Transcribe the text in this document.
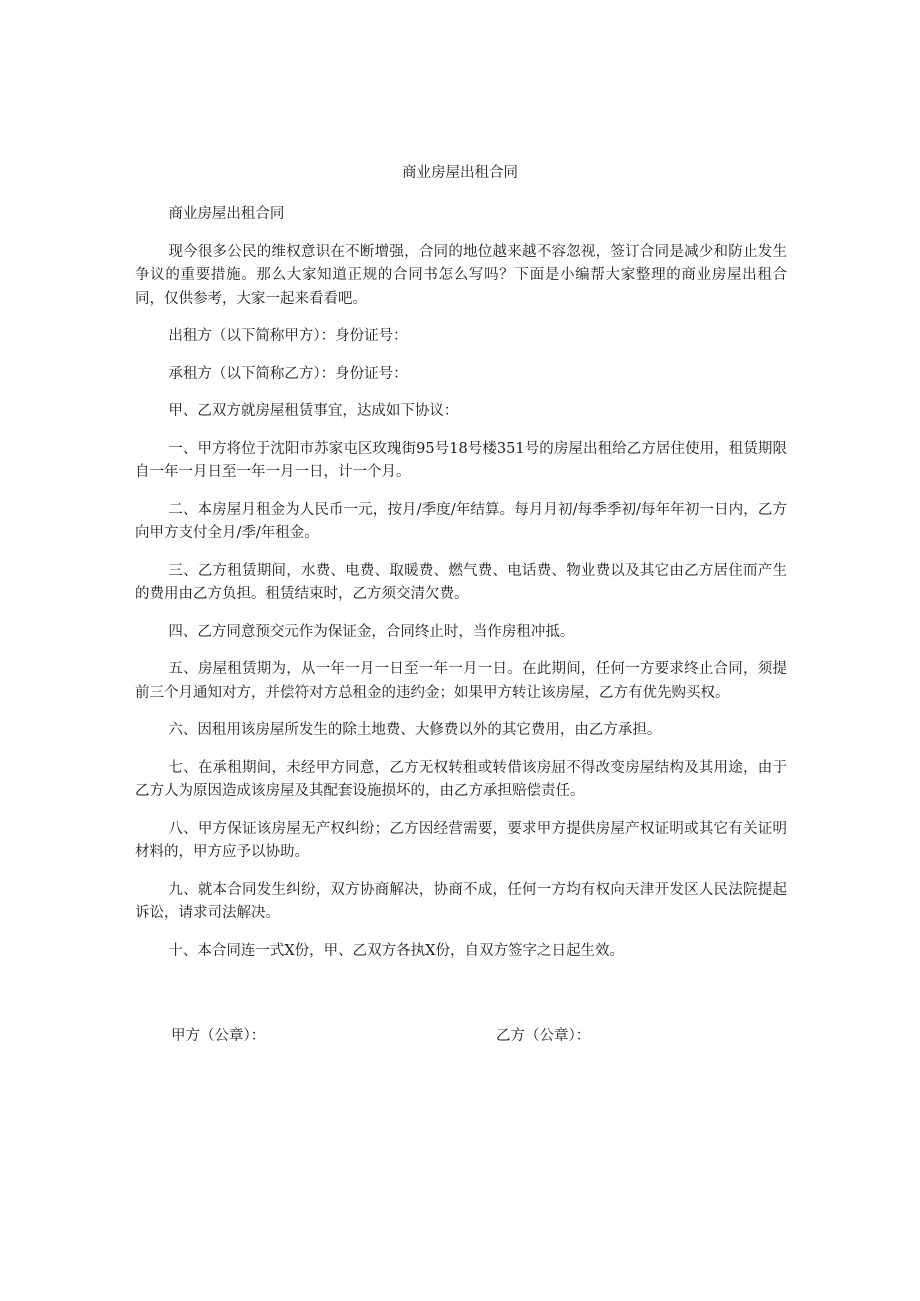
商业房屋出租合同

商业房屋出租合同

现今很多公民的维权意识在不断增强，合同的地位越来越不容忽视，签订合同是减少和防止发生争议的重要措施。那么大家知道正规的合同书怎么写吗？下面是小编帮大家整理的商业房屋出租合同，仅供参考，大家一起来看看吧。

出租方（以下简称甲方）：身份证号：

承租方（以下简称乙方）：身份证号：

甲、乙双方就房屋租赁事宜，达成如下协议：

一、甲方将位于沈阳市苏家屯区玫瑰街95号18号楼351号的房屋出租给乙方居住使用，租赁期限自一年一月日至一年一月一日，计一个月。

二、本房屋月租金为人民币一元，按月/季度/年结算。每月月初/每季季初/每年年初一日内，乙方向甲方支付全月/季/年租金。

三、乙方租赁期间，水费、电费、取暖费、燃气费、电话费、物业费以及其它由乙方居住而产生的费用由乙方负担。租赁结束时，乙方须交清欠费。

四、乙方同意预交元作为保证金，合同终止时，当作房租冲抵。

五、房屋租赁期为，从一年一月一日至一年一月一日。在此期间，任何一方要求终止合同，须提前三个月通知对方，并偿符对方总租金的违约金；如果甲方转让该房屋，乙方有优先购买权。

六、因租用该房屋所发生的除土地费、大修费以外的其它费用，由乙方承担。

七、在承租期间，未经甲方同意，乙方无权转租或转借该房屈不得改变房屋结构及其用途，由于乙方人为原因造成该房屋及其配套设施损坏的，由乙方承担赔偿责任。

八、甲方保证该房屋无产权纠纷；乙方因经营需要，要求甲方提供房屋产权证明或其它有关证明材料的，甲方应予以协助。

九、就本合同发生纠纷，双方协商解决，协商不成，任何一方均有权向天津开发区人民法院提起诉讼，请求司法解决。

十、本合同连一式X份，甲、乙双方各执X份，自双方签字之日起生效。

甲方（公章）：	乙方（公章）：
